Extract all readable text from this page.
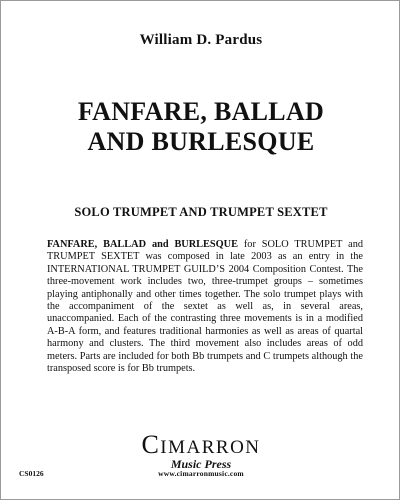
William D. Pardus
FANFARE, BALLAD
AND BURLESQUE
SOLO TRUMPET AND TRUMPET SEXTET

FANFARE, BALLAD and BURLESQUE for SOLO TRUMPET and TRUMPET SEXTET was composed in late 2003 as an entry in the INTERNATIONAL TRUMPET GUILD’S 2004 Composition Contest. The three-movement work includes two, three-trumpet groups – sometimes playing antiphonally and other times together. The solo trumpet plays with the accompaniment of the sextet as well as, in several areas, unaccompanied. Each of the contrasting three movements is in a modified A-B-A form, and features traditional harmonies as well as areas of quartal harmony and clusters. The third movement also includes areas of odd meters. Parts are included for both Bb trumpets and C trumpets although the transposed score is for Bb trumpets.

CIMARRON
Music Press
CS0126	www.cimarronmusic.com
